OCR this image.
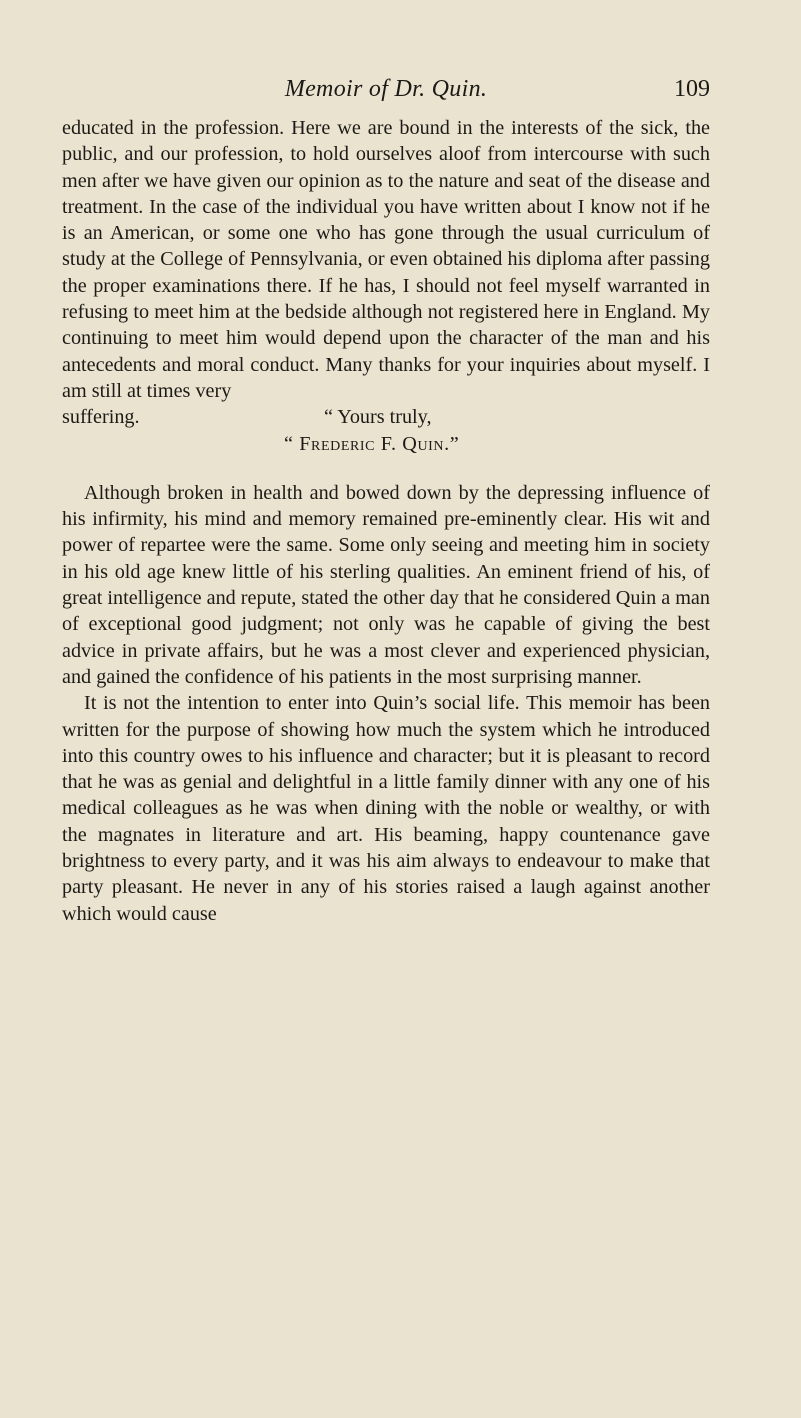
Memoir of Dr. Quin.	109

educated in the profession. Here we are bound in the interests of the sick, the public, and our profession, to hold ourselves aloof from intercourse with such men after we have given our opinion as to the nature and seat of the disease and treatment. In the case of the individual you have written about I know not if he is an American, or some one who has gone through the usual curriculum of study at the College of Pennsylvania, or even obtained his diploma after passing the proper examinations there. If he has, I should not feel myself warranted in refusing to meet him at the bedside although not registered here in England. My continuing to meet him would depend upon the character of the man and his antecedents and moral conduct. Many thanks for your inquiries about myself. I am still at times very

suffering.	“ Yours truly,
“ Frederic F. Quin.”

Although broken in health and bowed down by the depressing influence of his infirmity, his mind and memory remained pre-eminently clear. His wit and power of repartee were the same. Some only seeing and meeting him in society in his old age knew little of his sterling qualities. An eminent friend of his, of great intelligence and repute, stated the other day that he considered Quin a man of exceptional good judgment; not only was he capable of giving the best advice in private affairs, but he was a most clever and experienced physician, and gained the confidence of his patients in the most surprising manner.

It is not the intention to enter into Quin’s social life. This memoir has been written for the purpose of showing how much the system which he introduced into this country owes to his influence and character; but it is pleasant to record that he was as genial and delightful in a little family dinner with any one of his medical colleagues as he was when dining with the noble or wealthy, or with the magnates in literature and art. His beaming, happy countenance gave brightness to every party, and it was his aim always to endeavour to make that party pleasant. He never in any of his stories raised a laugh against another which would cause
